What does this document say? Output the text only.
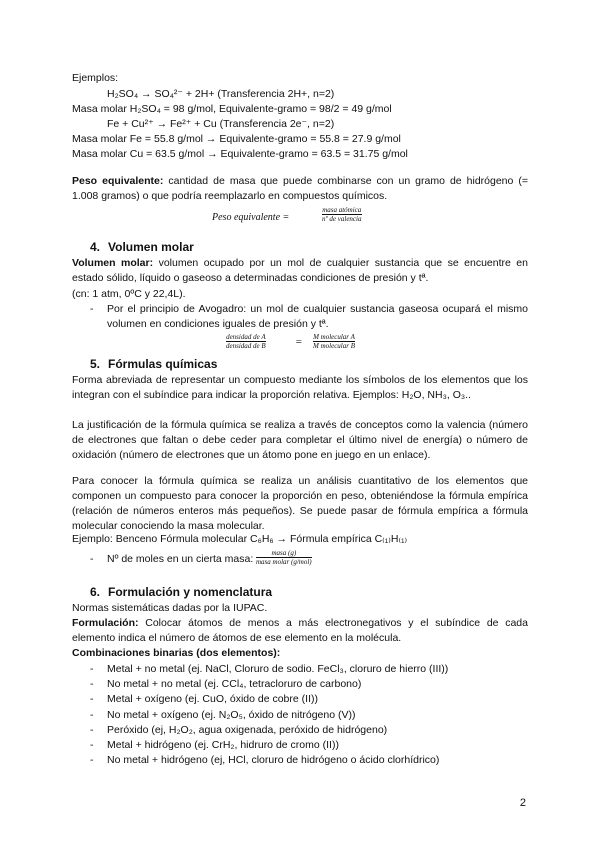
Ejemplos:
H₂SO₄ → SO₄²⁻ + 2H+ (Transferencia 2H+, n=2)
Masa molar H₂SO₄ = 98 g/mol, Equivalente-gramo = 98/2 = 49 g/mol
Fe + Cu²⁺ → Fe²⁺ + Cu (Transferencia 2e⁻, n=2)
Masa molar Fe = 55.8 g/mol → Equivalente-gramo = 55.8 = 27.9 g/mol
Masa molar Cu = 63.5 g/mol → Equivalente-gramo = 63.5 = 31.75 g/mol
Peso equivalente: cantidad de masa que puede combinarse con un gramo de hidrógeno (= 1.008 gramos) o que podría reemplazarlo en compuestos químicos.
Peso equivalente =
masa atómica
nº de valencia
4. Volumen molar
Volumen molar: volumen ocupado por un mol de cualquier sustancia que se encuentre en estado sólido, líquido o gaseoso a determinadas condiciones de presión y tª.
(cn: 1 atm, 0ºC y 22,4L).
- Por el principio de Avogadro: un mol de cualquier sustancia gaseosa ocupará el mismo volumen en condiciones iguales de presión y tª.
densidad de A
densidad de B	= M molecular A
M molecular B
5. Fórmulas químicas
Forma abreviada de representar un compuesto mediante los símbolos de los elementos que los integran con el subíndice para indicar la proporción relativa. Ejemplos: H₂O, NH₃, O₃..
La justificación de la fórmula química se realiza a través de conceptos como la valencia (número de electrones que faltan o debe ceder para completar el último nivel de energía) o número de oxidación (número de electrones que un átomo pone en juego en un enlace).
Para conocer la fórmula química se realiza un análisis cuantitativo de los elementos que componen un compuesto para conocer la proporción en peso, obteniéndose la fórmula empírica (relación de números enteros más pequeños). Se puede pasar de fórmula empírica a fórmula molecular conociendo la masa molecular.
Ejemplo: Benceno Fórmula molecular C₆H₆ → Fórmula empírica C₍₁₎H₍₁₎
- Nº de moles en un cierta masa:	masa (g)
masa molar (g/mol)
6. Formulación y nomenclatura
Normas sistemáticas dadas por la IUPAC.
Formulación: Colocar átomos de menos a más electronegativos y el subíndice de cada elemento indica el número de átomos de ese elemento en la molécula.
Combinaciones binarias (dos elementos):
- Metal + no metal (ej. NaCl, Cloruro de sodio. FeCl₃, cloruro de hierro (III))
- No metal + no metal (ej. CCl₄, tetracloruro de carbono)
- Metal + oxígeno (ej. CuO, óxido de cobre (II))
- No metal + oxígeno (ej. N₂O₅, óxido de nitrógeno (V))
- Peróxido (ej, H₂O₂, agua oxigenada, peróxido de hidrógeno)
- Metal + hidrógeno (ej. CrH₂, hidruro de cromo (II))
- No metal + hidrógeno (ej, HCl, cloruro de hidrógeno o ácido clorhídrico)
2
